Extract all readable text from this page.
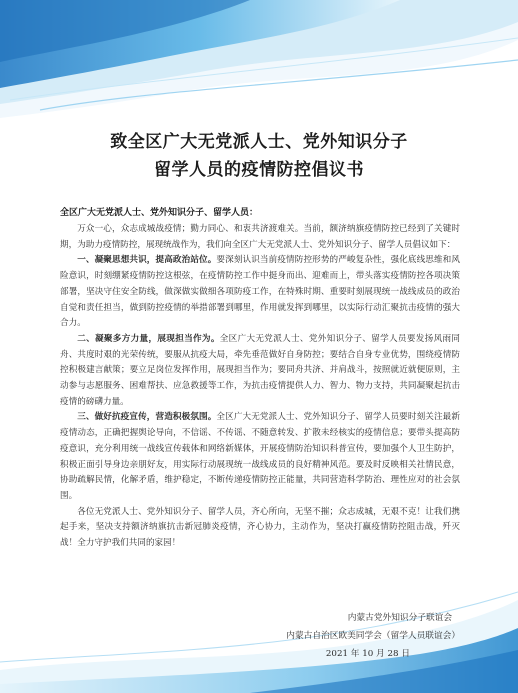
致全区广大无党派人士、党外知识分子
留学人员的疫情防控倡议书
全区广大无党派人士、党外知识分子、留学人员：

万众一心，众志成城战疫情；勤力同心、和衷共济渡难关。当前，额济纳旗疫情防控已经到了关键时期，为助力疫情防控，展现统战作为，我们向全区广大无党派人士、党外知识分子、留学人员倡议如下：

一、凝聚思想共识，提高政治站位。要深刻认识当前疫情防控形势的严峻复杂性，强化底线思维和风险意识，时刻绷紧疫情防控这根弦，在疫情防控工作中挺身而出、迎难而上，带头落实疫情防控各项决策部署，坚决守住安全防线，做深做实做细各项防疫工作，在特殊时期、重要时刻展现统一战线成员的政治自觉和责任担当，做到防控疫情的举措部署到哪里，作用就发挥到哪里，以实际行动汇聚抗击疫情的强大合力。

二、凝聚多方力量，展现担当作为。全区广大无党派人士、党外知识分子、留学人员要发扬风雨同舟、共度时艰的光荣传统，要服从抗疫大局，牵先垂范做好自身防控；要结合自身专业优势，围绕疫情防控积极建言献策；要立足岗位发挥作用，展现担当作为；要同舟共济、并肩战斗，按照就近就便原则，主动参与志愿服务、困难帮扶、应急救援等工作，为抗击疫情提供人力、智力、物力支持，共同凝聚起抗击疫情的磅礴力量。

三、做好抗疫宣传，营造积极氛围。全区广大无党派人士、党外知识分子、留学人员要时刻关注最新疫情动态，正确把握舆论导向，不信谣、不传谣、不随意转发、扩散未经核实的疫情信息；要带头提高防疫意识，充分利用统一战线宣传载体和网络新媒体，开展疫情防治知识科普宣传，要加强个人卫生防护，积极正面引导身边亲朋好友，用实际行动展现统一战线成员的良好精神风范。要及时反映相关社情民意，协助疏解民情，化解矛盾，维护稳定，不断传递疫情防控正能量，共同营造科学防治、理性应对的社会氛围。

各位无党派人士、党外知识分子、留学人员，齐心所向，无坚不摧；众志成城，无艰不克！让我们携起手来，坚决支持额济纳旗抗击新冠肺炎疫情，齐心协力，主动作为，坚决打赢疫情防控阻击战，歼灭战！全力守护我们共同的家园！

内蒙古党外知识分子联谊会
内蒙古自治区欧美同学会（留学人员联谊会）
2021 年 10 月 28 日
